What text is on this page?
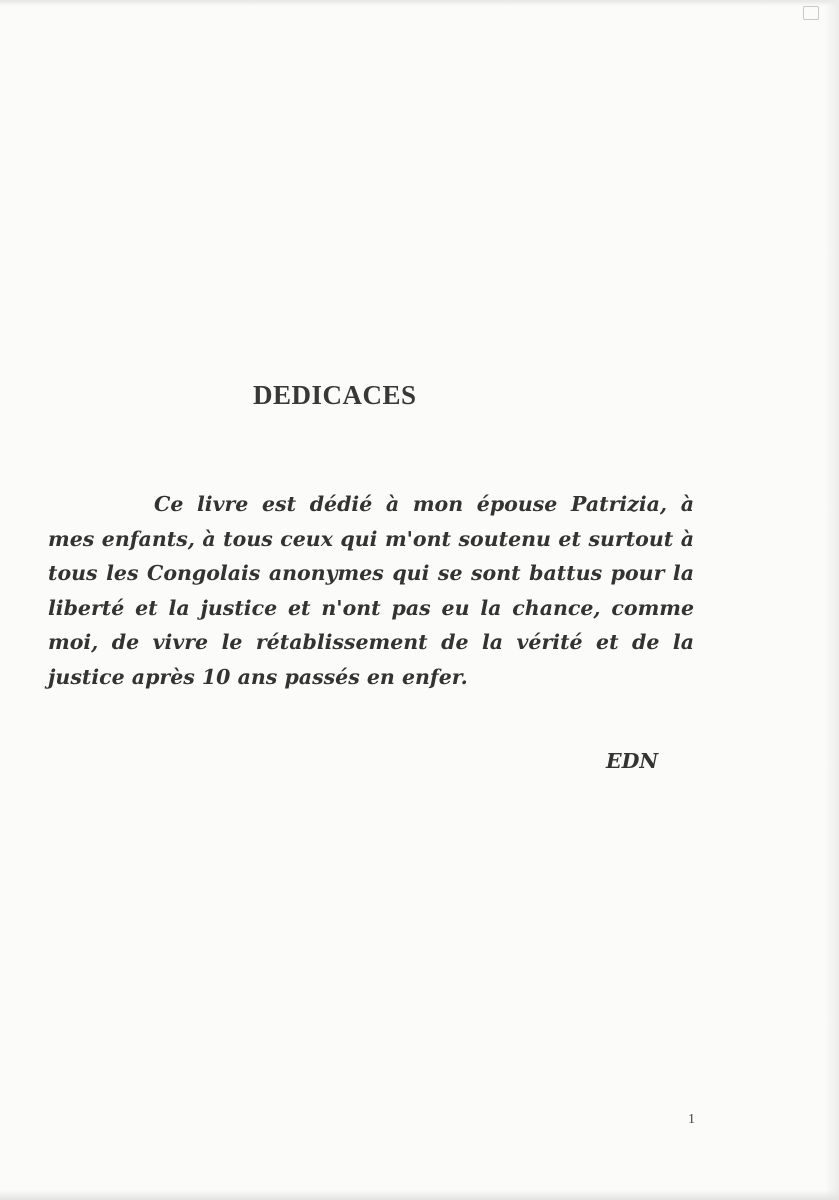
DEDICACES

Ce livre est dédié à mon épouse Patrizia, à mes enfants, à tous ceux qui m'ont soutenu et surtout à tous les Congolais anonymes qui se sont battus pour la liberté et la justice et n'ont pas eu la chance, comme moi, de vivre le rétablissement de la vérité et de la justice après 10 ans passés en enfer.

EDN

1
